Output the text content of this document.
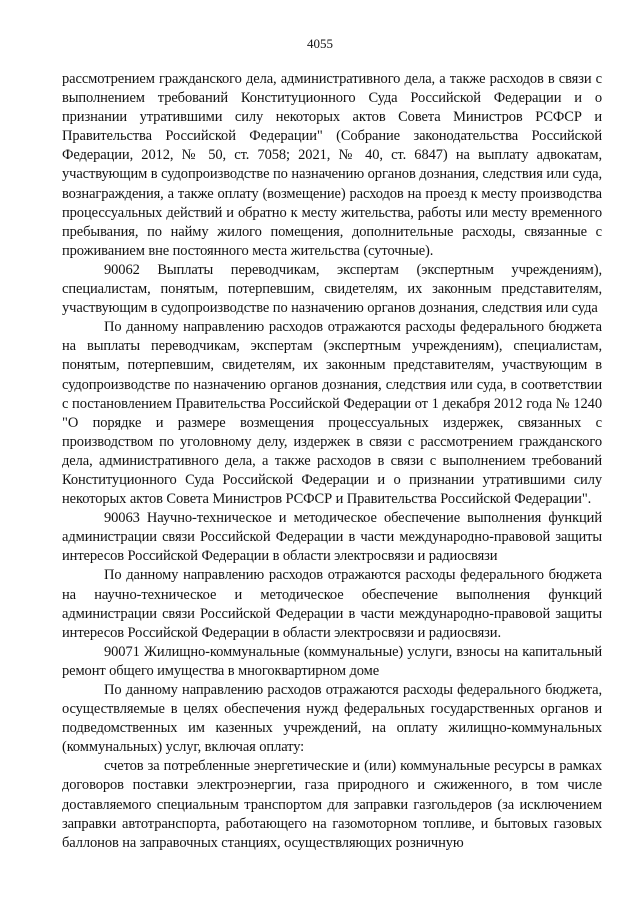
4055

рассмотрением гражданского дела, административного дела, а также расходов в связи с выполнением требований Конституционного Суда Российской Федерации и о признании утратившими силу некоторых актов Совета Министров РСФСР и Правительства Российской Федерации" (Собрание законодательства Российской Федерации, 2012, № 50, ст. 7058; 2021, № 40, ст. 6847) на выплату адвокатам, участвующим в судопроизводстве по назначению органов дознания, следствия или суда, вознаграждения, а также оплату (возмещение) расходов на проезд к месту производства процессуальных действий и обратно к месту жительства, работы или месту временного пребывания, по найму жилого помещения, дополнительные расходы, связанные с проживанием вне постоянного места жительства (суточные).

90062 Выплаты переводчикам, экспертам (экспертным учреждениям), специалистам, понятым, потерпевшим, свидетелям, их законным представителям, участвующим в судопроизводстве по назначению органов дознания, следствия или суда

По данному направлению расходов отражаются расходы федерального бюджета на выплаты переводчикам, экспертам (экспертным учреждениям), специалистам, понятым, потерпевшим, свидетелям, их законным представителям, участвующим в судопроизводстве по назначению органов дознания, следствия или суда, в соответствии с постановлением Правительства Российской Федерации от 1 декабря 2012 года № 1240 "О порядке и размере возмещения процессуальных издержек, связанных с производством по уголовному делу, издержек в связи с рассмотрением гражданского дела, административного дела, а также расходов в связи с выполнением требований Конституционного Суда Российской Федерации и о признании утратившими силу некоторых актов Совета Министров РСФСР и Правительства Российской Федерации".

90063 Научно-техническое и методическое обеспечение выполнения функций администрации связи Российской Федерации в части международно-правовой защиты интересов Российской Федерации в области электросвязи и радиосвязи

По данному направлению расходов отражаются расходы федерального бюджета на научно-техническое и методическое обеспечение выполнения функций администрации связи Российской Федерации в части международно-правовой защиты интересов Российской Федерации в области электросвязи и радиосвязи.

90071 Жилищно-коммунальные (коммунальные) услуги, взносы на капитальный ремонт общего имущества в многоквартирном доме

По данному направлению расходов отражаются расходы федерального бюджета, осуществляемые в целях обеспечения нужд федеральных государственных органов и подведомственных им казенных учреждений, на оплату жилищно-коммунальных (коммунальных) услуг, включая оплату:

счетов за потребленные энергетические и (или) коммунальные ресурсы в рамках договоров поставки электроэнергии, газа природного и сжиженного, в том числе доставляемого специальным транспортом для заправки газгольдеров (за исключением заправки автотранспорта, работающего на газомоторном топливе, и бытовых газовых баллонов на заправочных станциях, осуществляющих розничную
